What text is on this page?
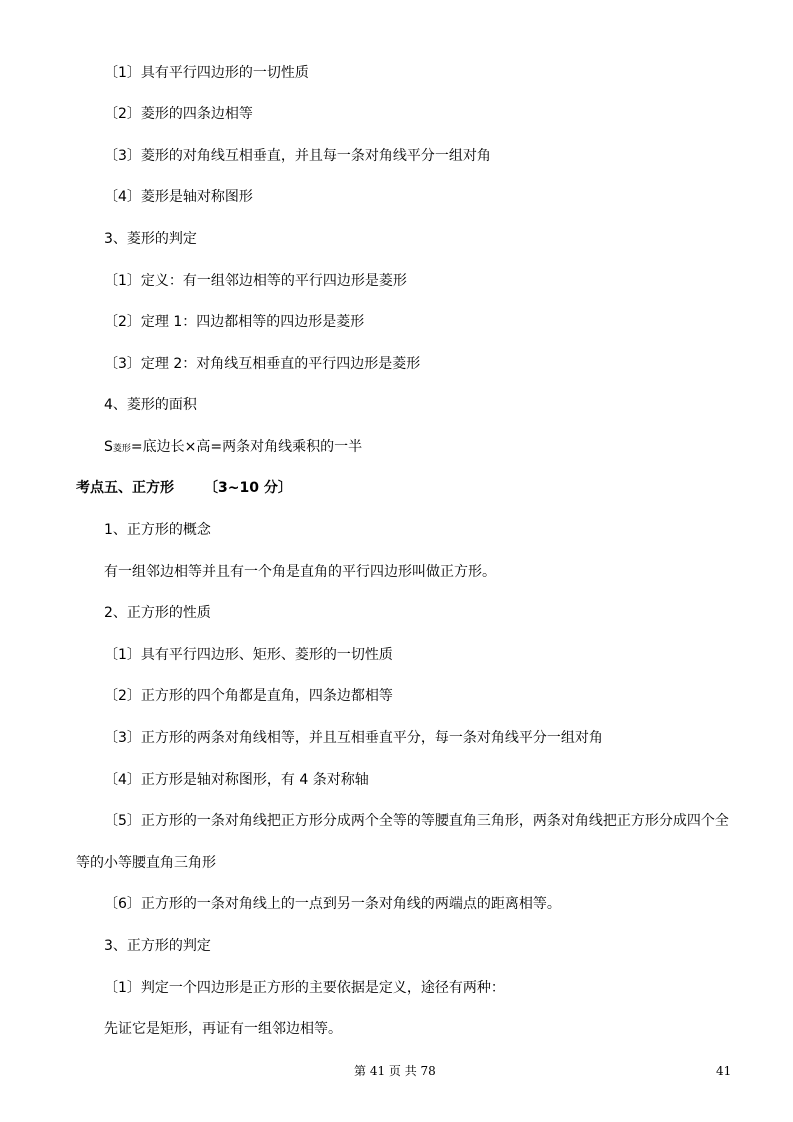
〔1〕具有平行四边形的一切性质
〔2〕菱形的四条边相等
〔3〕菱形的对角线互相垂直，并且每一条对角线平分一组对角
〔4〕菱形是轴对称图形
3、菱形的判定
〔1〕定义：有一组邻边相等的平行四边形是菱形
〔2〕定理 1：四边都相等的四边形是菱形
〔3〕定理 2：对角线互相垂直的平行四边形是菱形
4、菱形的面积
S菱形=底边长×高=两条对角线乘积的一半
考点五、正方形 〔3~10 分〕
1、正方形的概念
有一组邻边相等并且有一个角是直角的平行四边形叫做正方形。
2、正方形的性质
〔1〕具有平行四边形、矩形、菱形的一切性质
〔2〕正方形的四个角都是直角，四条边都相等
〔3〕正方形的两条对角线相等，并且互相垂直平分，每一条对角线平分一组对角
〔4〕正方形是轴对称图形，有 4 条对称轴
〔5〕正方形的一条对角线把正方形分成两个全等的等腰直角三角形，两条对角线把正方形分成四个全
等的小等腰直角三角形
〔6〕正方形的一条对角线上的一点到另一条对角线的两端点的距离相等。
3、正方形的判定
〔1〕判定一个四边形是正方形的主要依据是定义，途径有两种：
先证它是矩形，再证有一组邻边相等。
第 41 页 共 78	41
